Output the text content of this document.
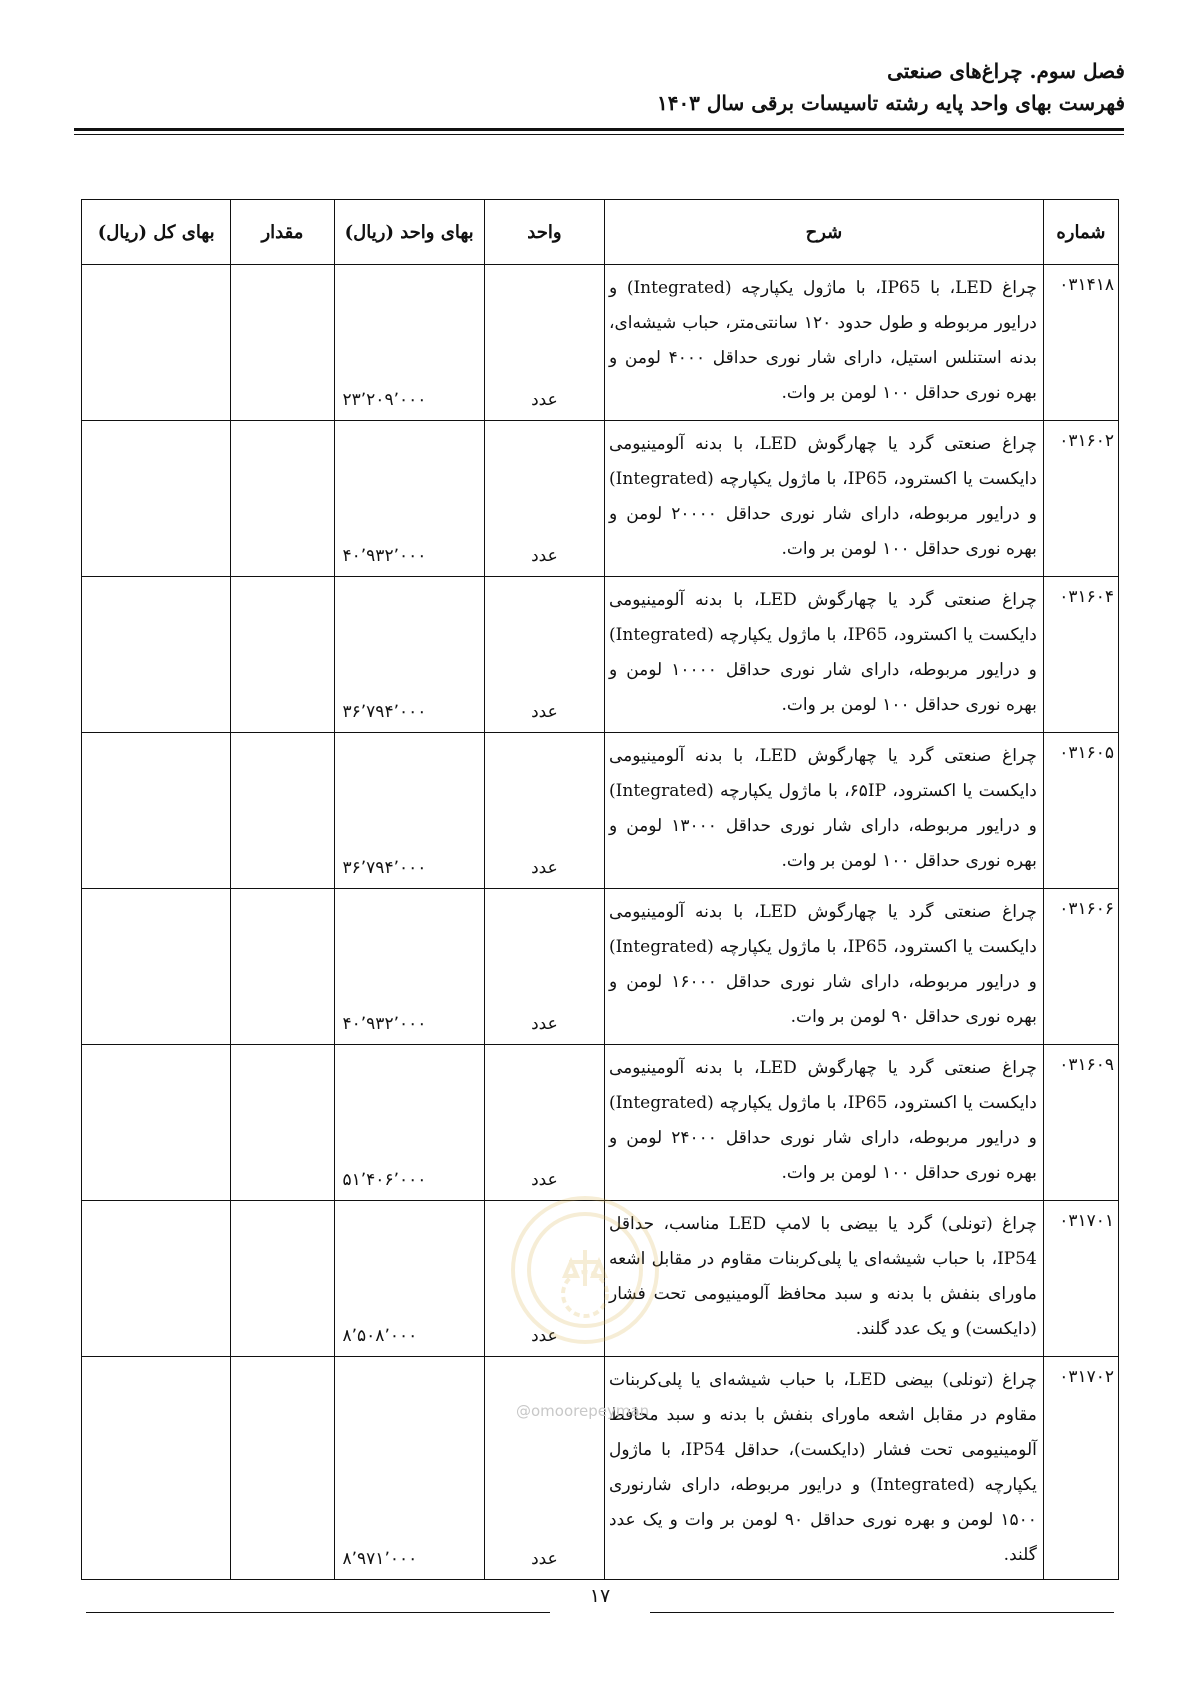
فصل سوم. چراغ‌های صنعتی

فهرست بهای واحد پایه رشته تاسیسات برقی سال ۱۴۰۳

شماره	شرح	واحد	بهای واحد (ریال)	مقدار	بهای کل (ریال)
۰۳۱۴۱۸	چراغ LED، با IP65، با ماژول یکپارچه (Integrated) و درایور مربوطه و طول حدود ۱۲۰ سانتی‌متر، حباب شیشه‌ای، بدنه استنلس استیل، دارای شار نوری حداقل ۴۰۰۰ لومن و بهره نوری حداقل ۱۰۰ لومن بر وات.	عدد	۲۳٬۲۰۹٬۰۰۰		
۰۳۱۶۰۲	چراغ صنعتی گرد یا چهارگوش LED، با بدنه آلومینیومی دایکست یا اکسترود، IP65، با ماژول یکپارچه (Integrated) و درایور مربوطه، دارای شار نوری حداقل ۲۰۰۰۰ لومن و بهره نوری حداقل ۱۰۰ لومن بر وات.	عدد	۴۰٬۹۳۲٬۰۰۰		
۰۳۱۶۰۴	چراغ صنعتی گرد یا چهارگوش LED، با بدنه آلومینیومی دایکست یا اکسترود، IP65، با ماژول یکپارچه (Integrated) و درایور مربوطه، دارای شار نوری حداقل ۱۰۰۰۰ لومن و بهره نوری حداقل ۱۰۰ لومن بر وات.	عدد	۳۶٬۷۹۴٬۰۰۰		
۰۳۱۶۰۵	چراغ صنعتی گرد یا چهارگوش LED، با بدنه آلومینیومی دایکست یا اکسترود، ۶۵IP، با ماژول یکپارچه (Integrated) و درایور مربوطه، دارای شار نوری حداقل ۱۳۰۰۰ لومن و بهره نوری حداقل ۱۰۰ لومن بر وات.	عدد	۳۶٬۷۹۴٬۰۰۰		
۰۳۱۶۰۶	چراغ صنعتی گرد یا چهارگوش LED، با بدنه آلومینیومی دایکست یا اکسترود، IP65، با ماژول یکپارچه (Integrated) و درایور مربوطه، دارای شار نوری حداقل ۱۶۰۰۰ لومن و بهره نوری حداقل ۹۰ لومن بر وات.	عدد	۴۰٬۹۳۲٬۰۰۰		
۰۳۱۶۰۹	چراغ صنعتی گرد یا چهارگوش LED، با بدنه آلومینیومی دایکست یا اکسترود، IP65، با ماژول یکپارچه (Integrated) و درایور مربوطه، دارای شار نوری حداقل ۲۴۰۰۰ لومن و بهره نوری حداقل ۱۰۰ لومن بر وات.	عدد	۵۱٬۴۰۶٬۰۰۰		
۰۳۱۷۰۱	چراغ (تونلی) گرد یا بیضی با لامپ LED مناسب، حداقل IP54، با حباب شیشه‌ای یا پلی‌کربنات مقاوم در مقابل اشعه ماورای بنفش با بدنه و سبد محافظ آلومینیومی تحت فشار (دایکست) و یک عدد گلند.	عدد	۸٬۵۰۸٬۰۰۰		
۰۳۱۷۰۲	چراغ (تونلی) بیضی LED، با حباب شیشه‌ای یا پلی‌کربنات مقاوم در مقابل اشعه ماورای بنفش با بدنه و سبد محافظ آلومینیومی تحت فشار (دایکست)، حداقل IP54، با ماژول یکپارچه (Integrated) و درایور مربوطه، دارای شارنوری ۱۵۰۰ لومن و بهره نوری حداقل ۹۰ لومن بر وات و یک عدد گلند.	عدد	۸٬۹۷۱٬۰۰۰		
@omoorepeyman
۱۷
